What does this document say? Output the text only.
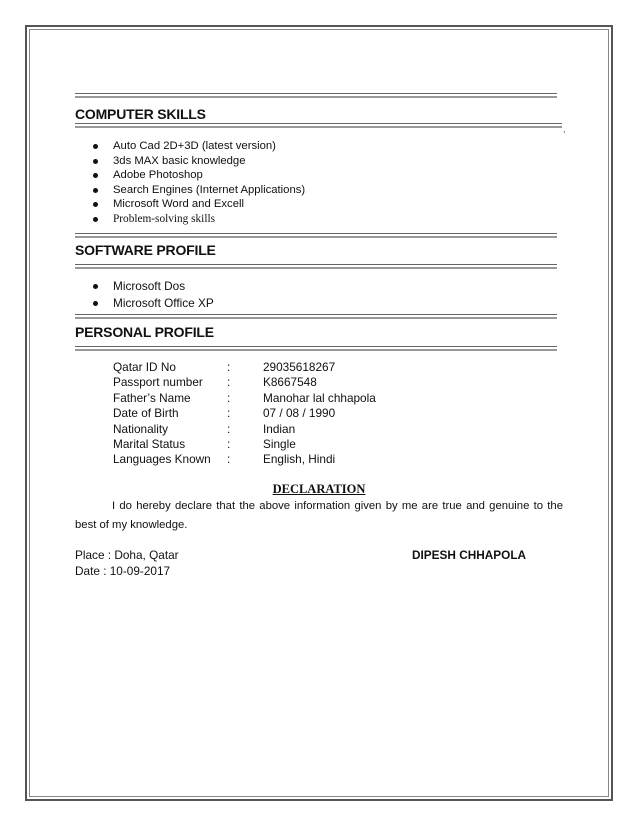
COMPUTER SKILLS
,
Auto Cad 2D+3D (latest version)
3ds MAX basic knowledge
Adobe Photoshop
Search Engines (Internet Applications)
Microsoft Word and Excell
Problem-solving skills
SOFTWARE PROFILE
Microsoft Dos
Microsoft Office XP
PERSONAL PROFILE
Qatar ID No	:	29035618267
Passport number :	K8667548
Father’s Name	:	Manohar lal chhapola
Date of Birth	:	07 / 08 / 1990
Nationality	:	Indian
Marital Status	:	Single
Languages Known :	English, Hindi
DECLARATION

I do hereby declare that the above information given by me are true and genuine to the best of my knowledge.

Place : Doha, Qatar	DIPESH CHHAPOLA
Date : 10-09-2017
